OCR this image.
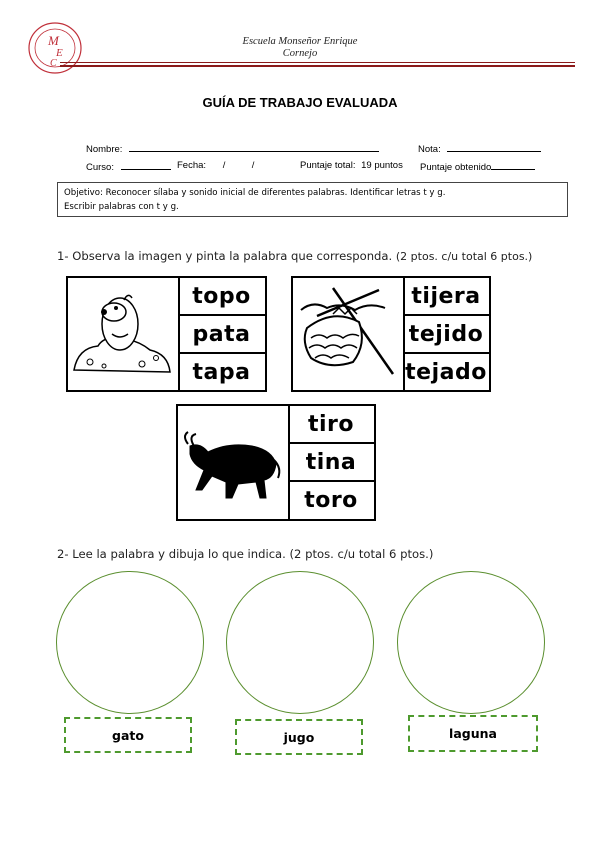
M
E
C
Escuela Monseñor Enrique
Cornejo
GUÍA DE TRABAJO EVALUADA
Nombre:	Nota:
Curso:	Fecha: /          /	Puntaje total: 19 puntos Puntaje obtenido
Objetivo: Reconocer sílaba y sonido inicial de diferentes palabras. Identificar letras t y g.
Escribir palabras con t y g.
1- Observa la imagen y pinta la palabra que corresponda. (2 ptos. c/u total 6 ptos.)
topo
pata
tapa
tijera
tejido
tejado
tiro
tina
toro
2- Lee la palabra y dibuja lo que indica. (2 ptos. c/u total 6 ptos.)
gato	jugo	laguna
